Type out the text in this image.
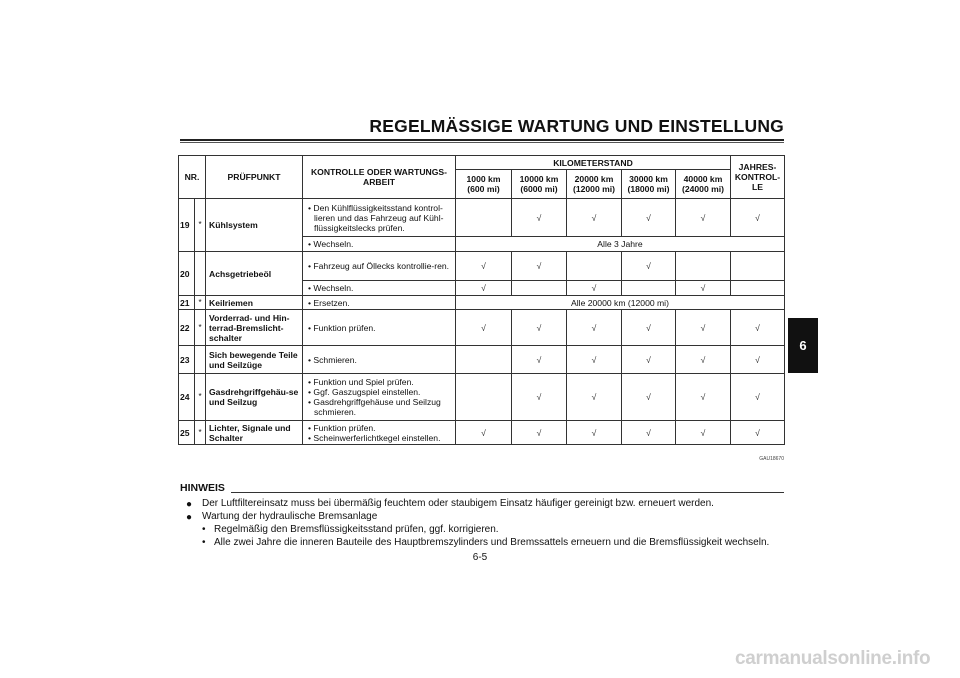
REGELMÄSSIGE WARTUNG UND EINSTELLUNG
NR.		PRÜFPUNKT	KONTROLLE ODER WARTUNGS-ARBEIT	KILOMETERSTAND					JAHRES-KONTROL-LE
				1000 km (600 mi)	10000 km (6000 mi)	20000 km (12000 mi)	30000 km (18000 mi)	40000 km (24000 mi)	
19	*	Kühlsystem	• Den Kühlflüssigkeitsstand kontrol-lieren und das Fahrzeug auf Kühl-flüssigkeitslecks prüfen.		√	√	√	√	√

			• Wechseln.	Alle 3 Jahre					
20		Achsgetriebeöl	• Fahrzeug auf Öllecks kontrollie-ren.	√	√		√		

			• Wechseln.	√		√		√	
21	*	Keilriemen	• Ersetzen.	Alle 20000 km (12000 mi)					
22	*	Vorderrad- und Hin-terrad-Bremslicht-schalter	• Funktion prüfen.	√	√	√	√	√	√
23		Sich bewegende Teile und Seilzüge	• Schmieren.		√	√	√	√	√
24	*	Gasdrehgriffgehäu-se und Seilzug	• Funktion und Spiel prüfen.
• Ggf. Gaszugspiel einstellen.
• Gasdrehgriffgehäuse und Seilzug schmieren.		√	√	√	√	√
25	*	Lichter, Signale und Schalter	• Funktion prüfen.
• Scheinwerferlichtkegel einstellen.	√	√	√	√	√	√
6
GAU18670
HINWEIS
● Der Luftfiltereinsatz muss bei übermäßig feuchtem oder staubigem Einsatz häufiger gereinigt bzw. erneuert werden.
● Wartung der hydraulische Bremsanlage
• Regelmäßig den Bremsflüssigkeitsstand prüfen, ggf. korrigieren.
• Alle zwei Jahre die inneren Bauteile des Hauptbremszylinders und Bremssattels erneuern und die Bremsflüssigkeit wechseln.
6-5
carmanualsonline.info
